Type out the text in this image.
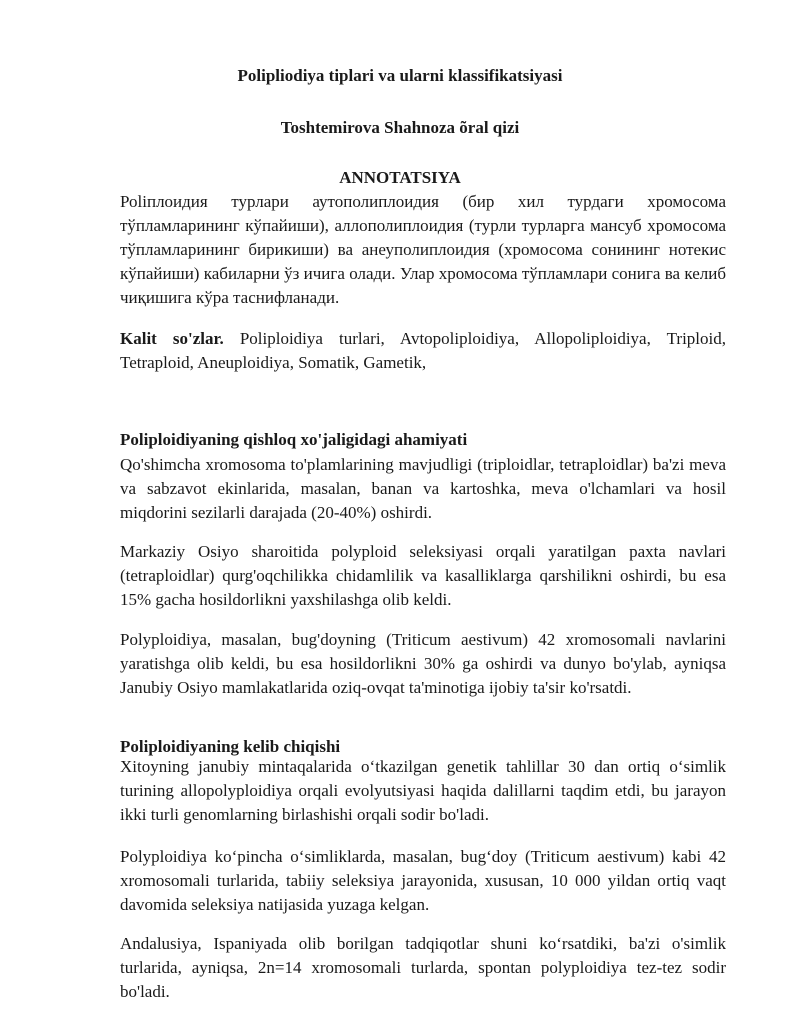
Polipliodiya tiplari va ularni klassifikatsiyasi
Toshtemirova Shahnoza õral qizi
ANNOTATSIYA

Роlіплоидия турлари аутополиплоидия (бир хил турдаги хромосома тўпламларининг кўпайиши), аллополиплоидия (турли турларга мансуб хромосома тўпламларининг бирикиши) ва анеуполиплоидия (хромосома сонининг нотекис кўпайиши) кабиларни ўз ичига олади. Улар хромосома тўпламлари сонига ва келиб чиқишига кўра таснифланади.

Kalit so'zlar. Poliploidiya turlari, Avtopoliploidiya, Allopoliploidiya, Triploid, Tetraploid, Aneuploidiya, Somatik, Gametik,

Poliploidiyaning qishloq xo'jaligidagi ahamiyati

Qo'shimcha xromosoma to'plamlarining mavjudligi (triploidlar, tetraploidlar) ba'zi meva va sabzavot ekinlarida, masalan, banan va kartoshka, meva o'lchamlari va hosil miqdorini sezilarli darajada (20-40%) oshirdi.

Markaziy Osiyo sharoitida polyploid seleksiyasi orqali yaratilgan paxta navlari (tetraploidlar) qurg'oqchilikka chidamlilik va kasalliklarga qarshilikni oshirdi, bu esa 15% gacha hosildorlikni yaxshilashga olib keldi.

Polyploidiya, masalan, bug'doyning (Triticum aestivum) 42 xromosomali navlarini yaratishga olib keldi, bu esa hosildorlikni 30% ga oshirdi va dunyo bo'ylab, ayniqsa Janubiy Osiyo mamlakatlarida oziq-ovqat ta'minotiga ijobiy ta'sir ko'rsatdi.

Poliploidiyaning kelib chiqishi

Xitoyning janubiy mintaqalarida o‘tkazilgan genetik tahlillar 30 dan ortiq o‘simlik turining allopolyploidiya orqali evolyutsiyasi haqida dalillarni taqdim etdi, bu jarayon ikki turli genomlarning birlashishi orqali sodir bo'ladi.

Polyploidiya ko‘pincha o‘simliklarda, masalan, bug‘doy (Triticum aestivum) kabi 42 xromosomali turlarida, tabiiy seleksiya jarayonida, xususan, 10 000 yildan ortiq vaqt davomida seleksiya natijasida yuzaga kelgan.

Andalusiya, Ispaniyada olib borilgan tadqiqotlar shuni ko‘rsatdiki, ba'zi o'simlik turlarida, ayniqsa, 2n=14 xromosomali turlarda, spontan polyploidiya tez-tez sodir bo'ladi.
